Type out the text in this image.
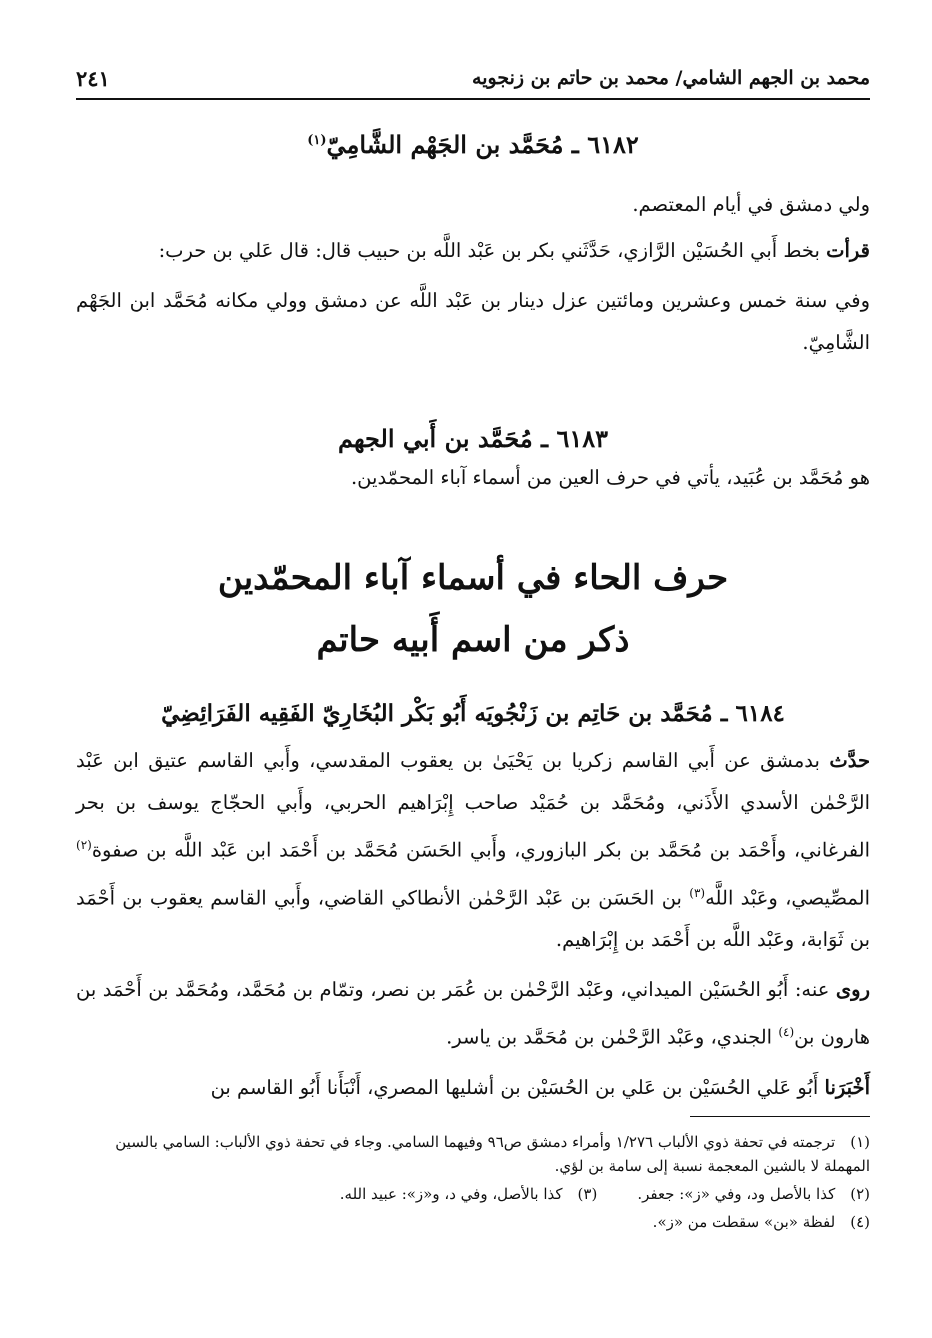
محمد بن الجهم الشامي/ محمد بن حاتم بن زنجويه
٢٤١
٦١٨٢ ـ مُحَمَّد بن الجَهْم الشَّامِيّ$^{(١)}$

ولي دمشق في أيام المعتصم.

قرأت بخط أَبي الحُسَيْن الرَّازي، حَدَّثَني بكر بن عَبْد اللَّه بن حبيب قال: قال عَلي بن حرب:

وفي سنة خمس وعشرين ومائتين عزل دينار بن عَبْد اللَّه عن دمشق وولي مكانه مُحَمَّد ابن الجَهْم الشَّامِيّ.

٦١٨٣ ـ مُحَمَّد بن أَبي الجهم

هو مُحَمَّد بن عُبَيد، يأتي في حرف العين من أسماء آباء المحمّدين.

حرف الحاء في أسماء آباء المحمّدين
ذكر من اسم أَبيه حاتم
٦١٨٤ ـ مُحَمَّد بن حَاتِم بن زَنْجُويَه أَبُو بَكْر البُخَارِيّ الفَقِيه الفَرَائِضِيّ

حدَّث بدمشق عن أَبي القاسم زكريا بن يَحْيَىٰ بن يعقوب المقدسي، وأَبي القاسم عتيق ابن عَبْد الرَّحْمٰن الأسدي الأَذَني، ومُحَمَّد بن حُمَيْد صاحب إِبْرَاهيم الحربي، وأَبي الحجّاج يوسف بن بحر الفرغاني، وأَحْمَد بن مُحَمَّد بن بكر البازوري، وأَبي الحَسَن مُحَمَّد بن أَحْمَد ابن عَبْد اللَّه بن صفوة$^{(٢)}$ المصِّيصي، وعَبْد اللَّه$^{(٣)}$ بن الحَسَن بن عَبْد الرَّحْمٰن الأنطاكي القاضي، وأَبي القاسم يعقوب بن أَحْمَد بن ثَوَابة، وعَبْد اللَّه بن أَحْمَد بن إِبْرَاهيم.

روى عنه: أَبُو الحُسَيْن الميداني، وعَبْد الرَّحْمٰن بن عُمَر بن نصر، وتمّام بن مُحَمَّد، ومُحَمَّد بن أَحْمَد بن هارون بن$^{(٤)}$ الجندي، وعَبْد الرَّحْمٰن بن مُحَمَّد بن ياسر.

أَخْبَرَنا أَبُو عَلي الحُسَيْن بن عَلي بن الحُسَيْن بن أشليها المصري، أَنْبَأَنا أَبُو القاسم بن

(١) ترجمته في تحفة ذوي الألباب ١/٢٧٦ وأمراء دمشق ص٩٦ وفيهما السامي. وجاء في تحفة ذوي الألباب: السامي بالسين المهملة لا بالشين المعجمة نسبة إلى سامة بن لؤي.

(٢) كذا بالأصل ود، وفي «ز»: جعفر.

(٣) كذا بالأصل، وفي د، و«ز»: عبيد الله.

(٤) لفظة «بن» سقطت من «ز».
